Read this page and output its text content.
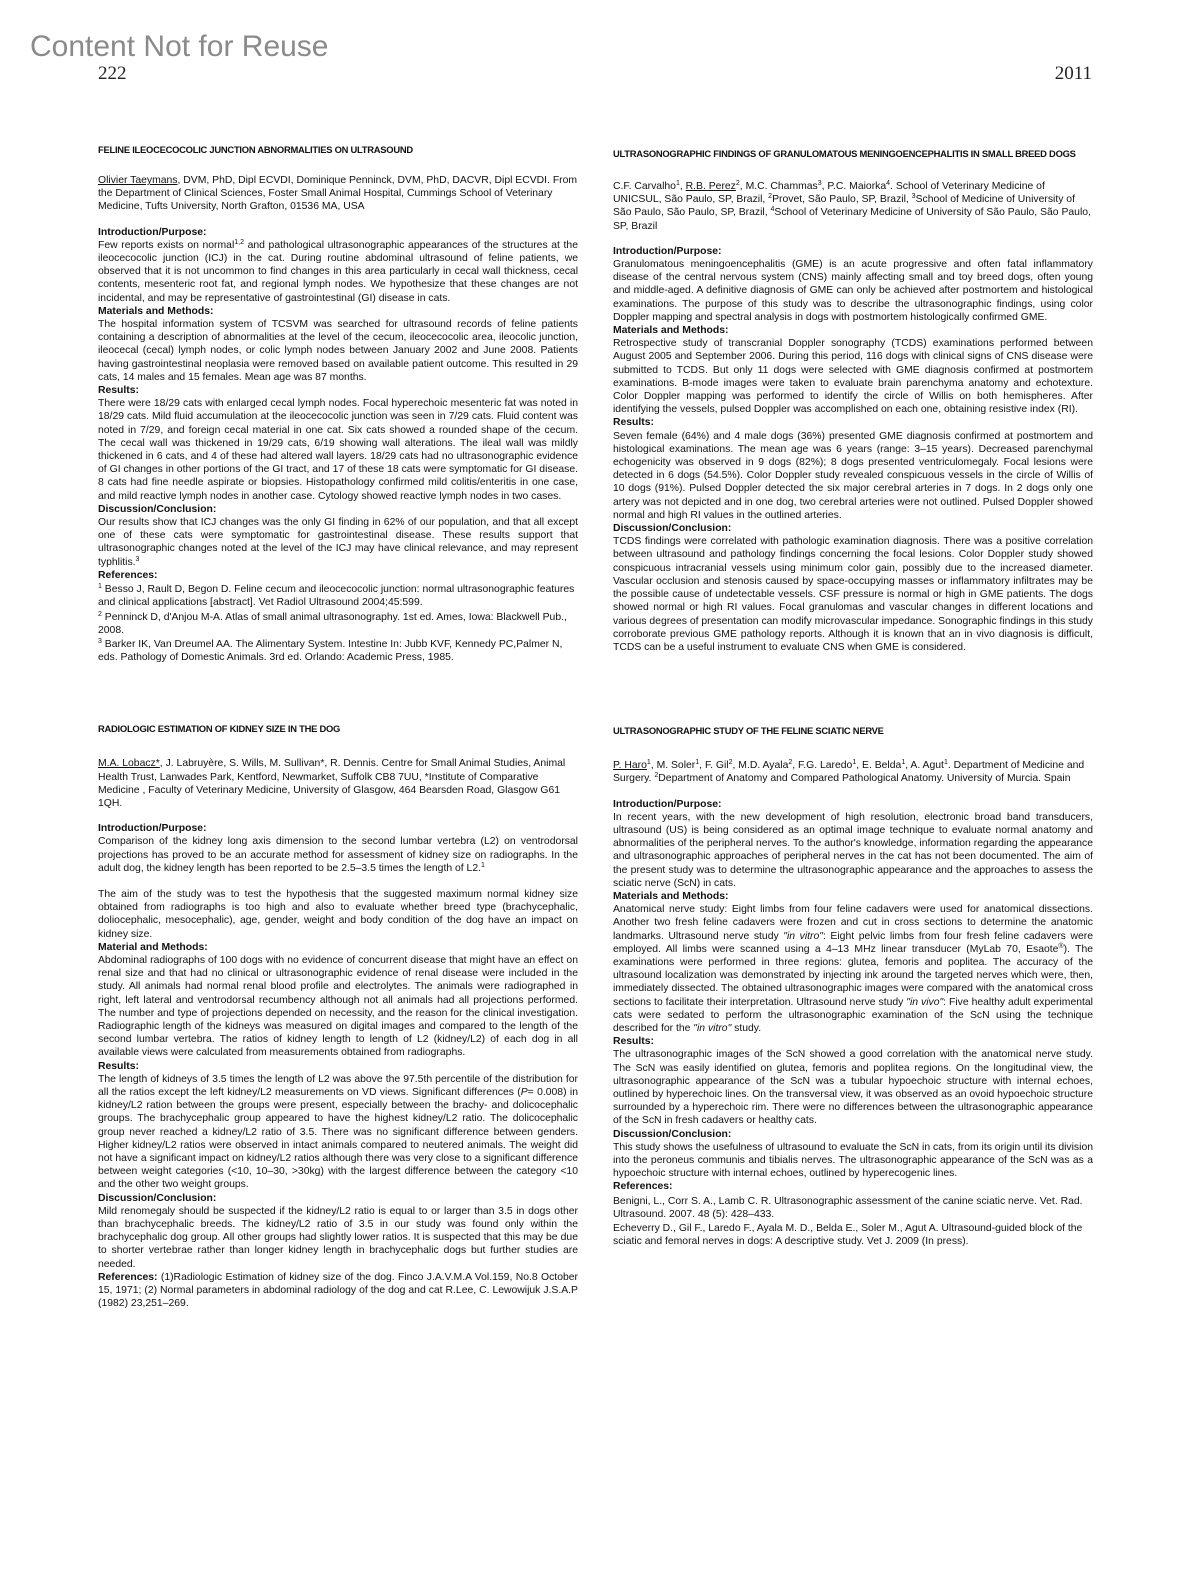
Content Not for Reuse
222	2011
FELINE ILEOCECOCOLIC JUNCTION ABNORMALITIES ON ULTRASOUND
Olivier Taeymans, DVM, PhD, Dipl ECVDI, Dominique Penninck, DVM, PhD, DACVR, Dipl ECVDI. From the Department of Clinical Sciences, Foster Small Animal Hospital, Cummings School of Veterinary Medicine, Tufts University, North Grafton, 01536 MA, USA
Introduction/Purpose:

Few reports exists on normal$^{1,2}$ and pathological ultrasonographic appearances of the structures at the ileocecocolic junction (ICJ) in the cat. During routine abdominal ultrasound of feline patients, we observed that it is not uncommon to find changes in this area particularly in cecal wall thickness, cecal contents, mesenteric root fat, and regional lymph nodes. We hypothesize that these changes are not incidental, and may be representative of gastrointestinal (GI) disease in cats.

Materials and Methods:

The hospital information system of TCSVM was searched for ultrasound records of feline patients containing a description of abnormalities at the level of the cecum, ileocecocolic area, ileocolic junction, ileocecal (cecal) lymph nodes, or colic lymph nodes between January 2002 and June 2008. Patients having gastrointestinal neoplasia were removed based on available patient outcome. This resulted in 29 cats, 14 males and 15 females. Mean age was 87 months.

Results:

There were 18/29 cats with enlarged cecal lymph nodes. Focal hyperechoic mesenteric fat was noted in 18/29 cats. Mild fluid accumulation at the ileocecocolic junction was seen in 7/29 cats. Fluid content was noted in 7/29, and foreign cecal material in one cat. Six cats showed a rounded shape of the cecum. The cecal wall was thickened in 19/29 cats, 6/19 showing wall alterations. The ileal wall was mildly thickened in 6 cats, and 4 of these had altered wall layers. 18/29 cats had no ultrasonographic evidence of GI changes in other portions of the GI tract, and 17 of these 18 cats were symptomatic for GI disease. 8 cats had fine needle aspirate or biopsies. Histopathology confirmed mild colitis/enteritis in one case, and mild reactive lymph nodes in another case. Cytology showed reactive lymph nodes in two cases.

Discussion/Conclusion:

Our results show that ICJ changes was the only GI finding in 62% of our population, and that all except one of these cats were symptomatic for gastrointestinal disease. These results support that ultrasonographic changes noted at the level of the ICJ may have clinical relevance, and may represent typhlitis.$^3$

References:

$^1$ Besso J, Rault D, Begon D. Feline cecum and ileocecocolic junction: normal ultrasonographic features and clinical applications [abstract]. Vet Radiol Ultrasound 2004;45:599.

$^2$ Penninck D, d'Anjou M-A. Atlas of small animal ultrasonography. 1st ed. Ames, Iowa: Blackwell Pub., 2008.

$^3$ Barker IK, Van Dreumel AA. The Alimentary System. Intestine In: Jubb KVF, Kennedy PC,Palmer N, eds. Pathology of Domestic Animals. 3rd ed. Orlando: Academic Press, 1985.

RADIOLOGIC ESTIMATION OF KIDNEY SIZE IN THE DOG
M.A. Lobacz*, J. Labruyère, S. Wills, M. Sullivan*, R. Dennis. Centre for Small Animal Studies, Animal Health Trust, Lanwades Park, Kentford, Newmarket, Suffolk CB8 7UU, *Institute of Comparative Medicine , Faculty of Veterinary Medicine, University of Glasgow, 464 Bearsden Road, Glasgow G61 1QH.
Introduction/Purpose:

Comparison of the kidney long axis dimension to the second lumbar vertebra (L2) on ventrodorsal projections has proved to be an accurate method for assessment of kidney size on radiographs. In the adult dog, the kidney length has been reported to be 2.5–3.5 times the length of L2.$^1$

The aim of the study was to test the hypothesis that the suggested maximum normal kidney size obtained from radiographs is too high and also to evaluate whether breed type (brachycephalic, doliocephalic, mesocephalic), age, gender, weight and body condition of the dog have an impact on kidney size.

Material and Methods:

Abdominal radiographs of 100 dogs with no evidence of concurrent disease that might have an effect on renal size and that had no clinical or ultrasonographic evidence of renal disease were included in the study. All animals had normal renal blood profile and electrolytes. The animals were radiographed in right, left lateral and ventrodorsal recumbency although not all animals had all projections performed. The number and type of projections depended on necessity, and the reason for the clinical investigation. Radiographic length of the kidneys was measured on digital images and compared to the length of the second lumbar vertebra. The ratios of kidney length to length of L2 (kidney/L2) of each dog in all available views were calculated from measurements obtained from radiographs.

Results:

The length of kidneys of 3.5 times the length of L2 was above the 97.5th percentile of the distribution for all the ratios except the left kidney/L2 measurements on VD views. Significant differences (P= 0.008) in kidney/L2 ration between the groups were present, especially between the brachy- and dolicocephalic groups. The brachycephalic group appeared to have the highest kidney/L2 ratio. The dolicocephalic group never reached a kidney/L2 ratio of 3.5. There was no significant difference between genders. Higher kidney/L2 ratios were observed in intact animals compared to neutered animals. The weight did not have a significant impact on kidney/L2 ratios although there was very close to a significant difference between weight categories (<10, 10–30, >30kg) with the largest difference between the category <10 and the other two weight groups.

Discussion/Conclusion:

Mild renomegaly should be suspected if the kidney/L2 ratio is equal to or larger than 3.5 in dogs other than brachycephalic breeds. The kidney/L2 ratio of 3.5 in our study was found only within the brachycephalic dog group. All other groups had slightly lower ratios. It is suspected that this may be due to shorter vertebrae rather than longer kidney length in brachycephalic dogs but further studies are needed.

References: (1)Radiologic Estimation of kidney size of the dog. Finco J.A.V.M.A Vol.159, No.8 October 15, 1971; (2) Normal parameters in abdominal radiology of the dog and cat R.Lee, C. Lewowijuk J.S.A.P (1982) 23,251–269.

ULTRASONOGRAPHIC FINDINGS OF GRANULOMATOUS MENINGOENCEPHALITIS IN SMALL BREED DOGS
C.F. Carvalho$^1$, R.B. Perez$^2$, M.C. Chammas$^3$, P.C. Maiorka$^4$. School of Veterinary Medicine of UNICSUL, São Paulo, SP, Brazil, $^2$Provet, São Paulo, SP, Brazil, $^3$School of Medicine of University of São Paulo, São Paulo, SP, Brazil, $^4$School of Veterinary Medicine of University of São Paulo, São Paulo, SP, Brazil
Introduction/Purpose:

Granulomatous meningoencephalitis (GME) is an acute progressive and often fatal inflammatory disease of the central nervous system (CNS) mainly affecting small and toy breed dogs, often young and middle-aged. A definitive diagnosis of GME can only be achieved after postmortem and histological examinations. The purpose of this study was to describe the ultrasonographic findings, using color Doppler mapping and spectral analysis in dogs with postmortem histologically confirmed GME.

Materials and Methods:

Retrospective study of transcranial Doppler sonography (TCDS) examinations performed between August 2005 and September 2006. During this period, 116 dogs with clinical signs of CNS disease were submitted to TCDS. But only 11 dogs were selected with GME diagnosis confirmed at postmortem examinations. B-mode images were taken to evaluate brain parenchyma anatomy and echotexture. Color Doppler mapping was performed to identify the circle of Willis on both hemispheres. After identifying the vessels, pulsed Doppler was accomplished on each one, obtaining resistive index (RI).

Results:

Seven female (64%) and 4 male dogs (36%) presented GME diagnosis confirmed at postmortem and histological examinations. The mean age was 6 years (range: 3–15 years). Decreased parenchymal echogenicity was observed in 9 dogs (82%); 8 dogs presented ventriculomegaly. Focal lesions were detected in 6 dogs (54.5%). Color Doppler study revealed conspicuous vessels in the circle of Willis of 10 dogs (91%). Pulsed Doppler detected the six major cerebral arteries in 7 dogs. In 2 dogs only one artery was not depicted and in one dog, two cerebral arteries were not outlined. Pulsed Doppler showed normal and high RI values in the outlined arteries.

Discussion/Conclusion:

TCDS findings were correlated with pathologic examination diagnosis. There was a positive correlation between ultrasound and pathology findings concerning the focal lesions. Color Doppler study showed conspicuous intracranial vessels using minimum color gain, possibly due to the increased diameter. Vascular occlusion and stenosis caused by space-occupying masses or inflammatory infiltrates may be the possible cause of undetectable vessels. CSF pressure is normal or high in GME patients. The dogs showed normal or high RI values. Focal granulomas and vascular changes in different locations and various degrees of presentation can modify microvascular impedance. Sonographic findings in this study corroborate previous GME pathology reports. Although it is known that an in vivo diagnosis is difficult, TCDS can be a useful instrument to evaluate CNS when GME is considered.

ULTRASONOGRAPHIC STUDY OF THE FELINE SCIATIC NERVE
P. Haro$^1$, M. Soler$^1$, F. Gil$^2$, M.D. Ayala$^2$, F.G. Laredo$^1$, E. Belda$^1$, A. Agut$^1$. Department of Medicine and Surgery. $^2$Department of Anatomy and Compared Pathological Anatomy. University of Murcia. Spain
Introduction/Purpose:

In recent years, with the new development of high resolution, electronic broad band transducers, ultrasound (US) is being considered as an optimal image technique to evaluate normal anatomy and abnormalities of the peripheral nerves. To the author's knowledge, information regarding the appearance and ultrasonographic approaches of peripheral nerves in the cat has not been documented. The aim of the present study was to determine the ultrasonographic appearance and the approaches to assess the sciatic nerve (ScN) in cats.

Materials and Methods:

Anatomical nerve study: Eight limbs from four feline cadavers were used for anatomical dissections. Another two fresh feline cadavers were frozen and cut in cross sections to determine the anatomic landmarks. Ultrasound nerve study "in vitro": Eight pelvic limbs from four fresh feline cadavers were employed. All limbs were scanned using a 4–13 MHz linear transducer (MyLab 70, Esaote®). The examinations were performed in three regions: glutea, femoris and poplitea. The accuracy of the ultrasound localization was demonstrated by injecting ink around the targeted nerves which were, then, immediately dissected. The obtained ultrasonographic images were compared with the anatomical cross sections to facilitate their interpretation. Ultrasound nerve study "in vivo": Five healthy adult experimental cats were sedated to perform the ultrasonographic examination of the ScN using the technique described for the "in vitro" study.

Results:

The ultrasonographic images of the ScN showed a good correlation with the anatomical nerve study. The ScN was easily identified on glutea, femoris and poplitea regions. On the longitudinal view, the ultrasonographic appearance of the ScN was a tubular hypoechoic structure with internal echoes, outlined by hyperechoic lines. On the transversal view, it was observed as an ovoid hypoechoic structure surrounded by a hyperechoic rim. There were no differences between the ultrasonographic appearance of the ScN in fresh cadavers or healthy cats.

Discussion/Conclusion:

This study shows the usefulness of ultrasound to evaluate the ScN in cats, from its origin until its division into the peroneus communis and tibialis nerves. The ultrasonographic appearance of the ScN was as a hypoechoic structure with internal echoes, outlined by hyperecogenic lines.

References:

Benigni, L., Corr S. A., Lamb C. R. Ultrasonographic assessment of the canine sciatic nerve. Vet. Rad. Ultrasound. 2007. 48 (5): 428–433.

Echeverry D., Gil F., Laredo F., Ayala M. D., Belda E., Soler M., Agut A. Ultrasound-guided block of the sciatic and femoral nerves in dogs: A descriptive study. Vet J. 2009 (In press).
